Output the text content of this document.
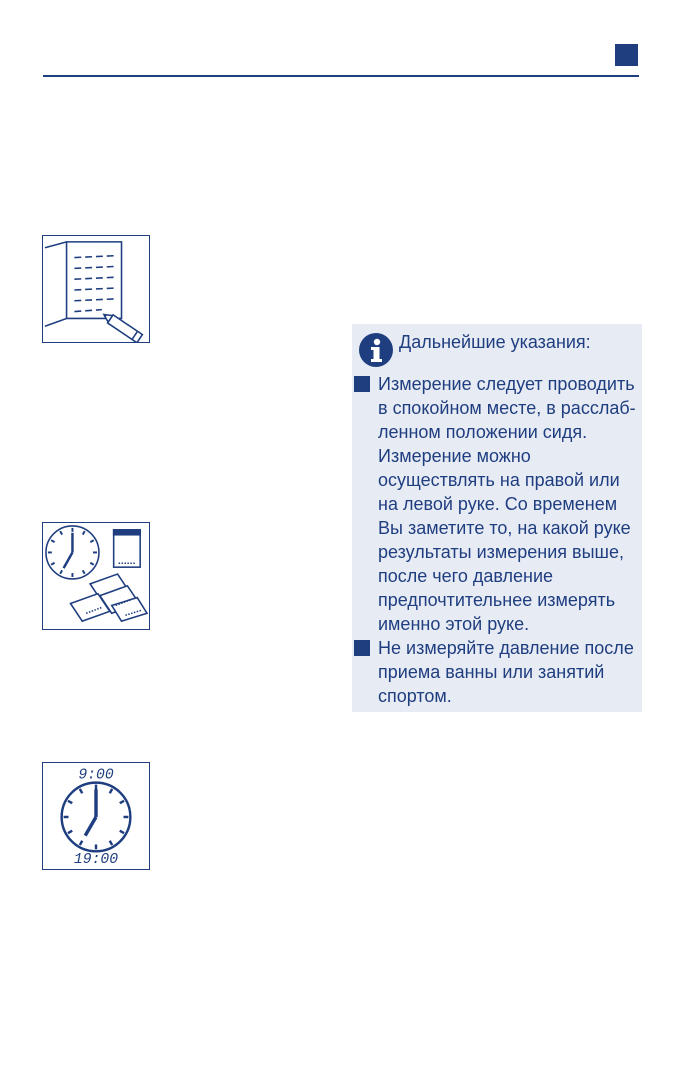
9:00
19:00
Дальнейшие указания:
Измерение следует проводить
в спокойном месте, в расслаб-
ленном положении сидя.
Измерение можно
осуществлять на правой или
на левой руке. Со временем
Вы заметите то, на какой руке
результаты измерения выше,
после чего давление
предпочтительнее измерять
именно этой руке.
Не измеряйте давление после
приема ванны или занятий
спортом.
